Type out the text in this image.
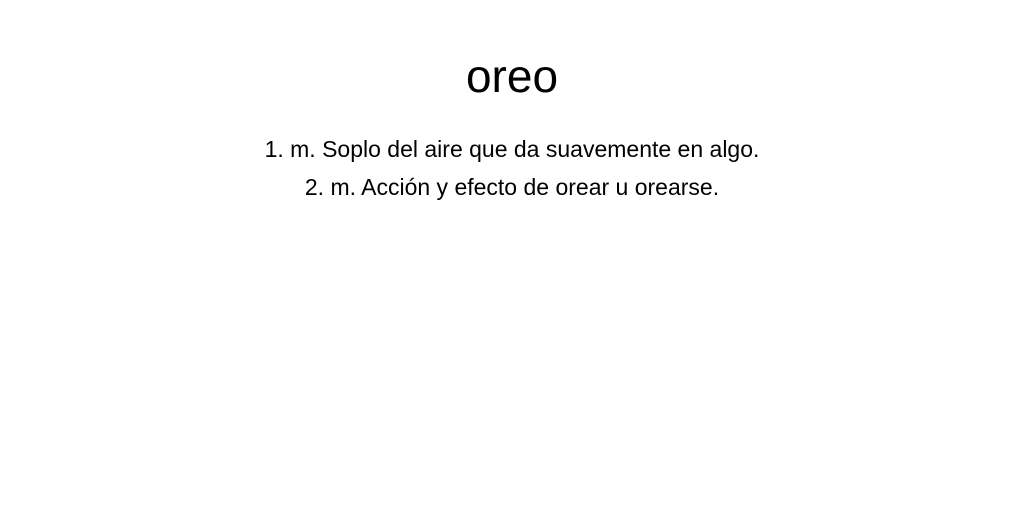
oreo
1. m. Soplo del aire que da suavemente en algo.
2. m. Acción y efecto de orear u orearse.
